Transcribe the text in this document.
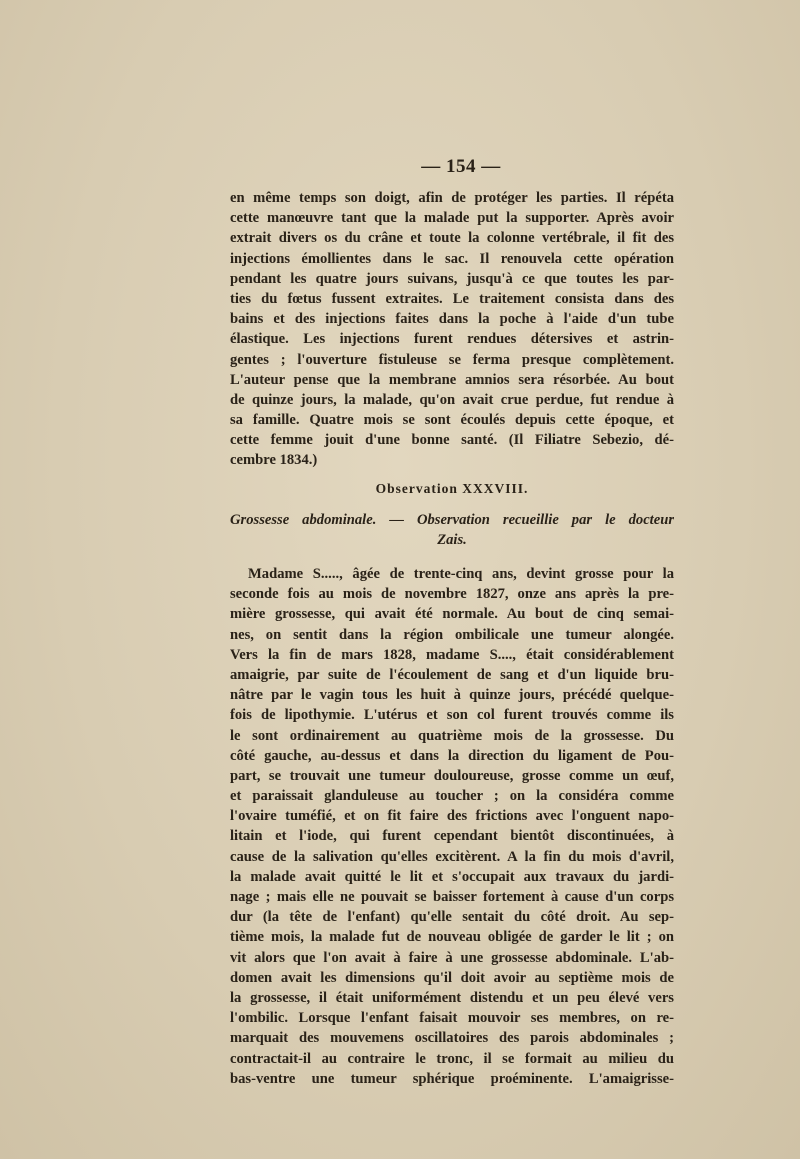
— 154 —
en même temps son doigt, afin de protéger les parties. Il répéta
cette manœuvre tant que la malade put la supporter. Après avoir
extrait divers os du crâne et toute la colonne vertébrale, il fit des
injections émollientes dans le sac. Il renouvela cette opération
pendant les quatre jours suivans, jusqu'à ce que toutes les par-
ties du fœtus fussent extraites. Le traitement consista dans des
bains et des injections faites dans la poche à l'aide d'un tube
élastique. Les injections furent rendues détersives et astrin-
gentes ; l'ouverture fistuleuse se ferma presque complètement.
L'auteur pense que la membrane amnios sera résorbée. Au bout
de quinze jours, la malade, qu'on avait crue perdue, fut rendue à
sa famille. Quatre mois se sont écoulés depuis cette époque, et
cette femme jouit d'une bonne santé. (Il Filiatre Sebezio, dé-
cembre 1834.)
Observation XXXVIII.
Grossesse abdominale. — Observation recueillie par le docteur
Zais.
Madame S....., âgée de trente-cinq ans, devint grosse pour la
seconde fois au mois de novembre 1827, onze ans après la pre-
mière grossesse, qui avait été normale. Au bout de cinq semai-
nes, on sentit dans la région ombilicale une tumeur alongée.
Vers la fin de mars 1828, madame S...., était considérablement
amaigrie, par suite de l'écoulement de sang et d'un liquide bru-
nâtre par le vagin tous les huit à quinze jours, précédé quelque-
fois de lipothymie. L'utérus et son col furent trouvés comme ils
le sont ordinairement au quatrième mois de la grossesse. Du
côté gauche, au-dessus et dans la direction du ligament de Pou-
part, se trouvait une tumeur douloureuse, grosse comme un œuf,
et paraissait glanduleuse au toucher ; on la considéra comme
l'ovaire tuméfié, et on fit faire des frictions avec l'onguent napo-
litain et l'iode, qui furent cependant bientôt discontinuées, à
cause de la salivation qu'elles excitèrent. A la fin du mois d'avril,
la malade avait quitté le lit et s'occupait aux travaux du jardi-
nage ; mais elle ne pouvait se baisser fortement à cause d'un corps
dur (la tête de l'enfant) qu'elle sentait du côté droit. Au sep-
tième mois, la malade fut de nouveau obligée de garder le lit ; on
vit alors que l'on avait à faire à une grossesse abdominale. L'ab-
domen avait les dimensions qu'il doit avoir au septième mois de
la grossesse, il était uniformément distendu et un peu élevé vers
l'ombilic. Lorsque l'enfant faisait mouvoir ses membres, on re-
marquait des mouvemens oscillatoires des parois abdominales ;
contractait-il au contraire le tronc, il se formait au milieu du
bas-ventre une tumeur sphérique proéminente. L'amaigrisse-
